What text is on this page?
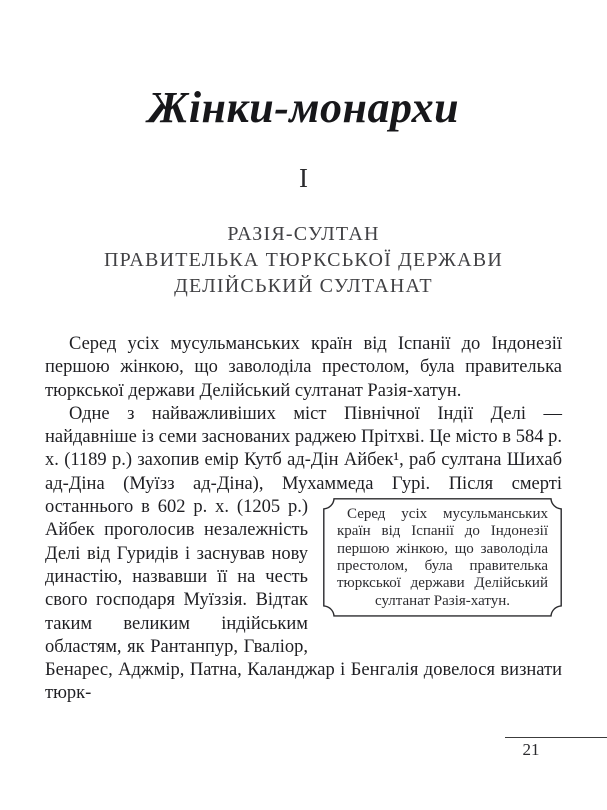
Жінки-монархи
I
РАЗІЯ-СУЛТАН
ПРАВИТЕЛЬКА ТЮРКСЬКОЇ ДЕРЖАВИ
ДЕЛІЙСЬКИЙ СУЛТАНАТ

Серед усіх мусульманських країн від Іспанії до Індонезії першою жінкою, що заволоділа престолом, була правителька тюркської держави Делійський султанат Разія-хатун.

Одне з найважливіших міст Північної Індії Делі — найдавніше із семи заснованих раджею Прітхві. Це місто в 584 р. х. (1189 р.) захопив емір Кутб ад-Дін Айбек¹, раб султана Шихаб ад-Діна (Муїзз ад-Діна), Мухаммеда Гурі.
Серед усіх мусульманських країн від Іспанії до Індонезії першою жінкою, що заволоділа престолом, була правителька тюркської держави Делійський султанат Разія-хатун.
Після смерті останнього в 602 р. х. (1205 р.) Айбек проголосив незалежність Делі від Гуридів і заснував нову династію, назвавши її на честь свого господаря Муїззія. Відтак таким великим індійським областям, як Рантанпур, Гваліор, Бенарес, Аджмір, Патна, Каланджар і Бенгалія довелося визнати тюрк-

21
